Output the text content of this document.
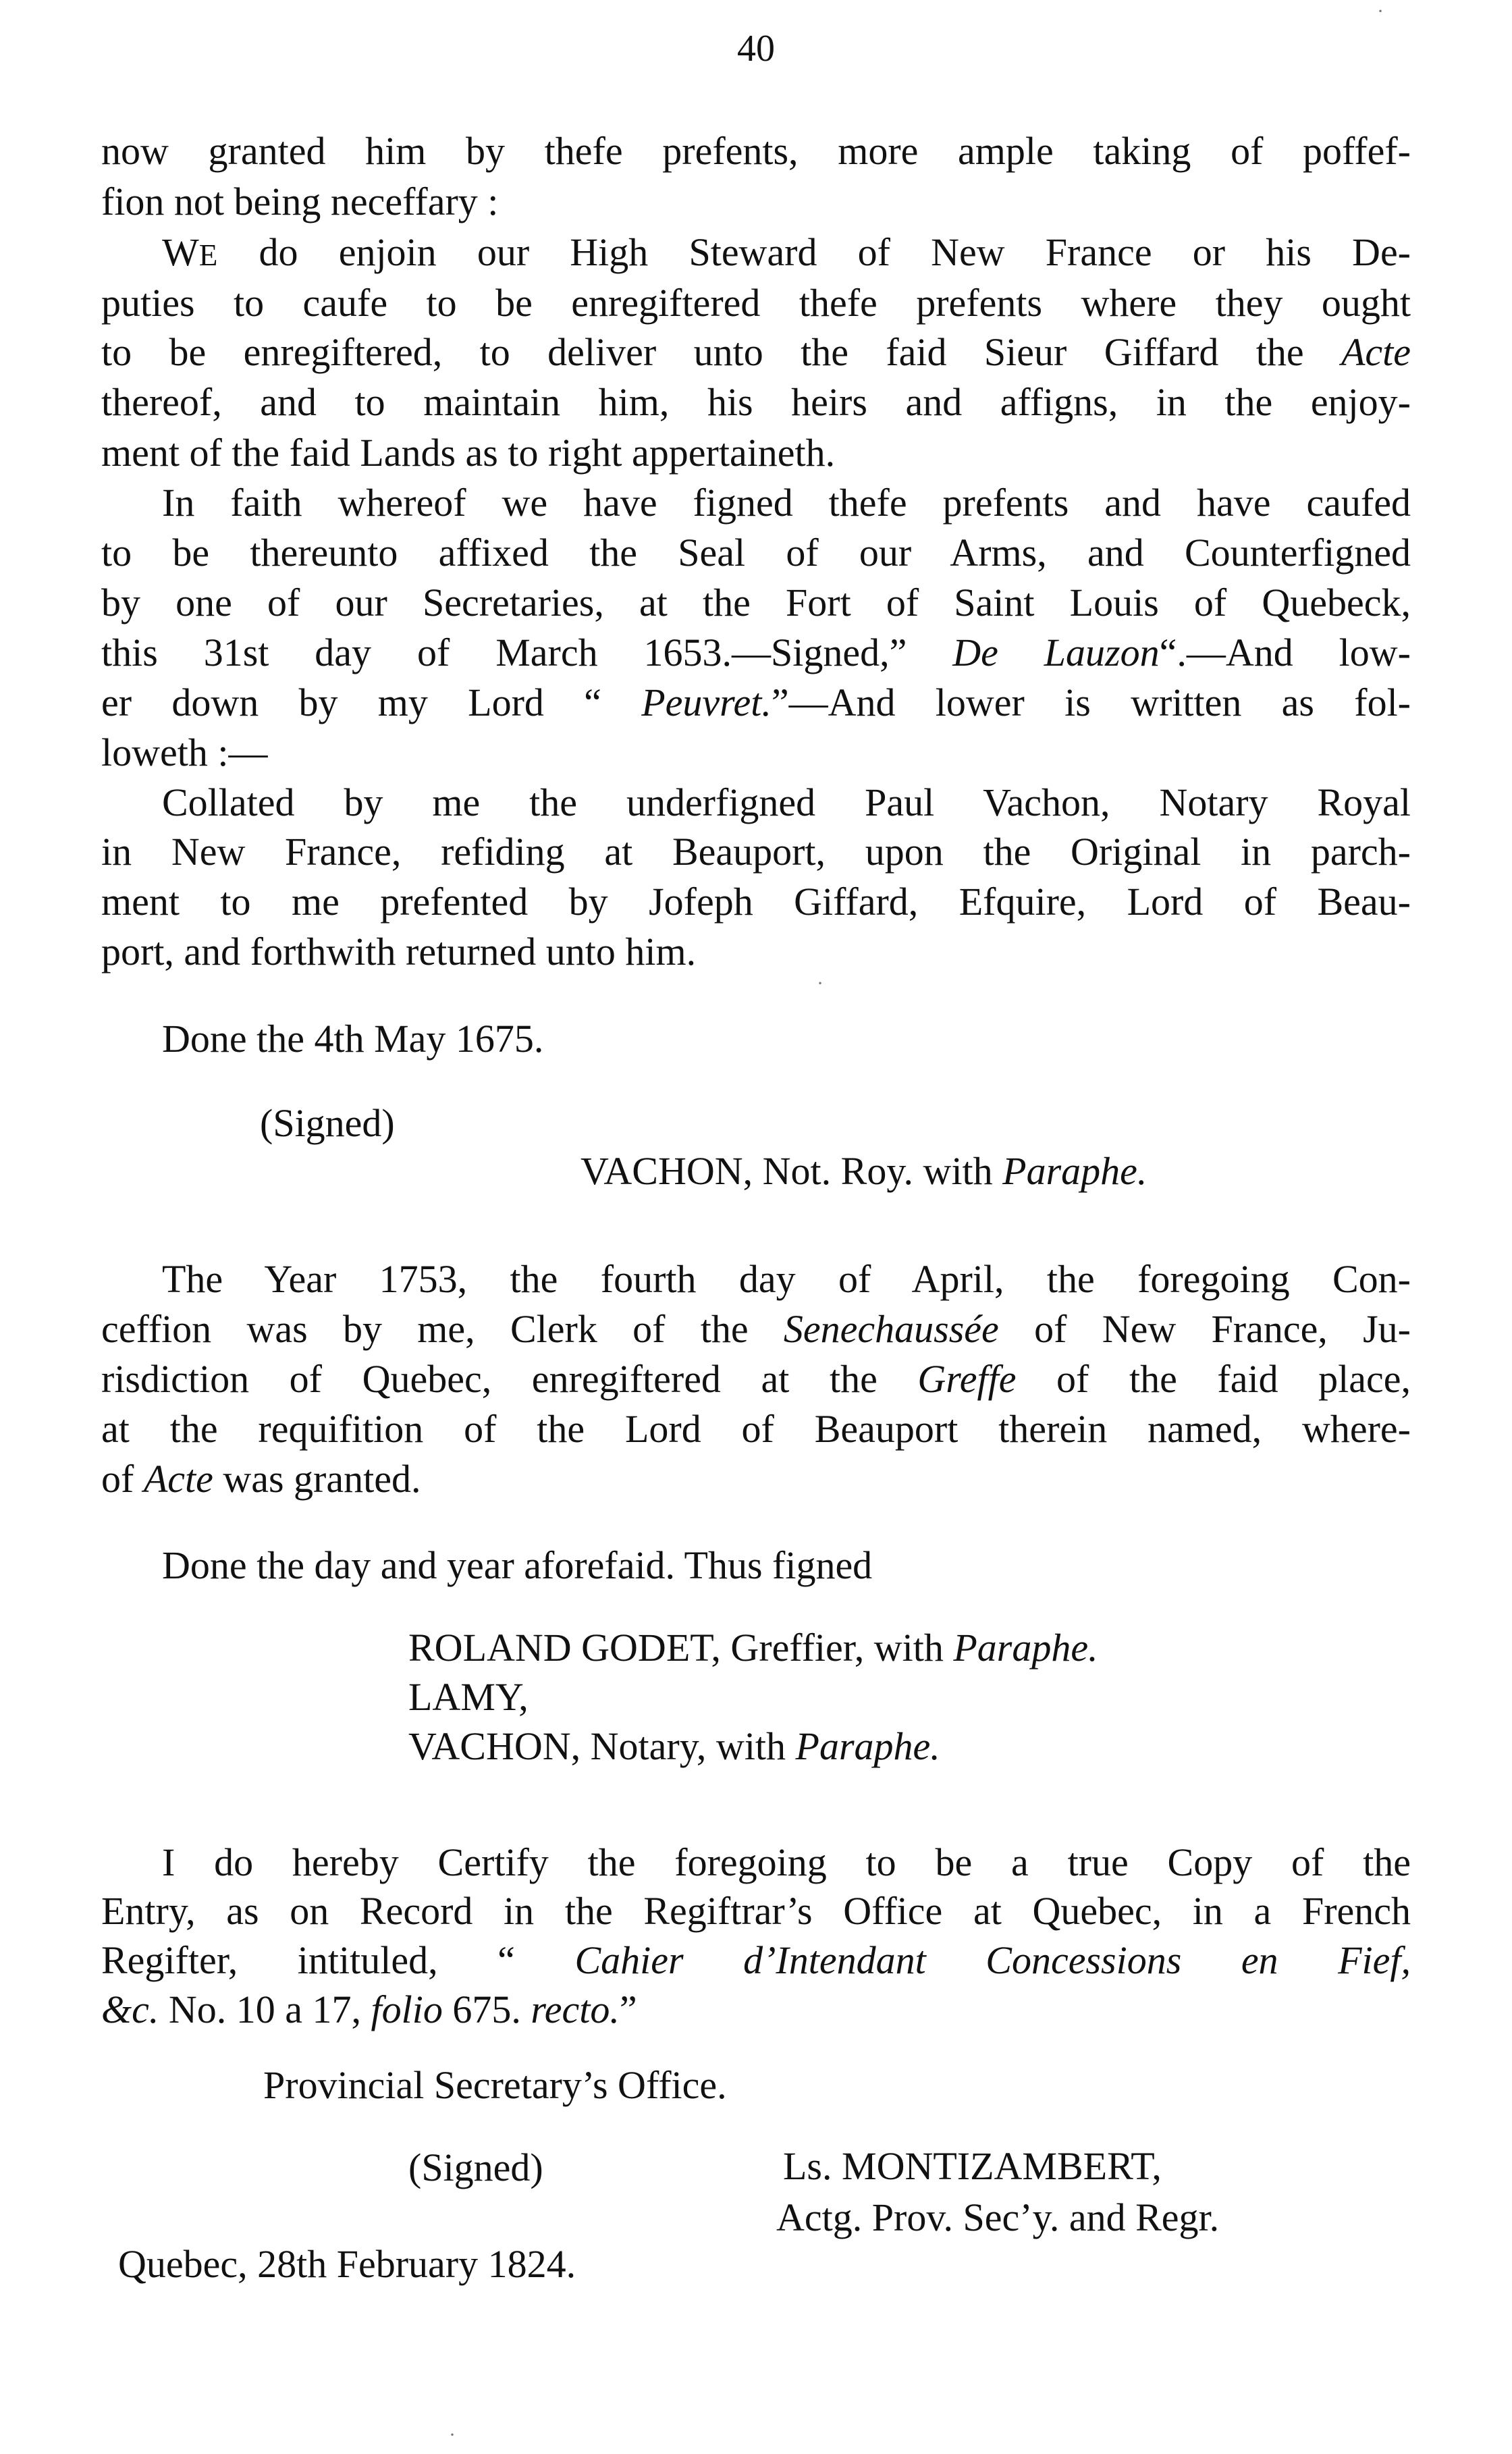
40
now granted him by thefe prefents, more ample taking of poffef-
fion not being neceffary :
WE do enjoin our High Steward of New France or his De-
puties to caufe to be enregiftered thefe prefents where they ought
to be enregiftered, to deliver unto the faid Sieur Giffard the Acte
thereof, and to maintain him, his heirs and affigns, in the enjoy-
ment of the faid Lands as to right appertaineth.
In faith whereof we have figned thefe prefents and have caufed
to be thereunto affixed the Seal of our Arms, and Counterfigned
by one of our Secretaries, at the Fort of Saint Louis of Quebeck,
this 31st day of March 1653.—Signed,” De Lauzon“.—And low-
er down by my Lord “ Peuvret.”—And lower is written as fol-
loweth :—
Collated by me the underfigned Paul Vachon, Notary Royal
in New France, refiding at Beauport, upon the Original in parch-
ment to me prefented by Jofeph Giffard, Efquire, Lord of Beau-
port, and forthwith returned unto him.
Done the 4th May 1675.
(Signed)
VACHON, Not. Roy. with Paraphe.
The Year 1753, the fourth day of April, the foregoing Con-
ceffion was by me, Clerk of the Senechaussée of New France, Ju-
risdiction of Quebec, enregiftered at the Greffe of the faid place,
at the requifition of the Lord of Beauport therein named, where-
of Acte was granted.
Done the day and year aforefaid. Thus figned
ROLAND GODET, Greffier, with Paraphe.
LAMY,
VACHON, Notary, with Paraphe.
I do hereby Certify the foregoing to be a true Copy of the
Entry, as on Record in the Regiftrar’s Office at Quebec, in a French
Regifter, intituled, “ Cahier d’Intendant Concessions en Fief,
&c. No. 10 a 17, folio 675. recto.”
Provincial Secretary’s Office.
(Signed)	Ls. MONTIZAMBERT,
Actg. Prov. Sec’y. and Regr.
Quebec, 28th February 1824.
·
·
·
